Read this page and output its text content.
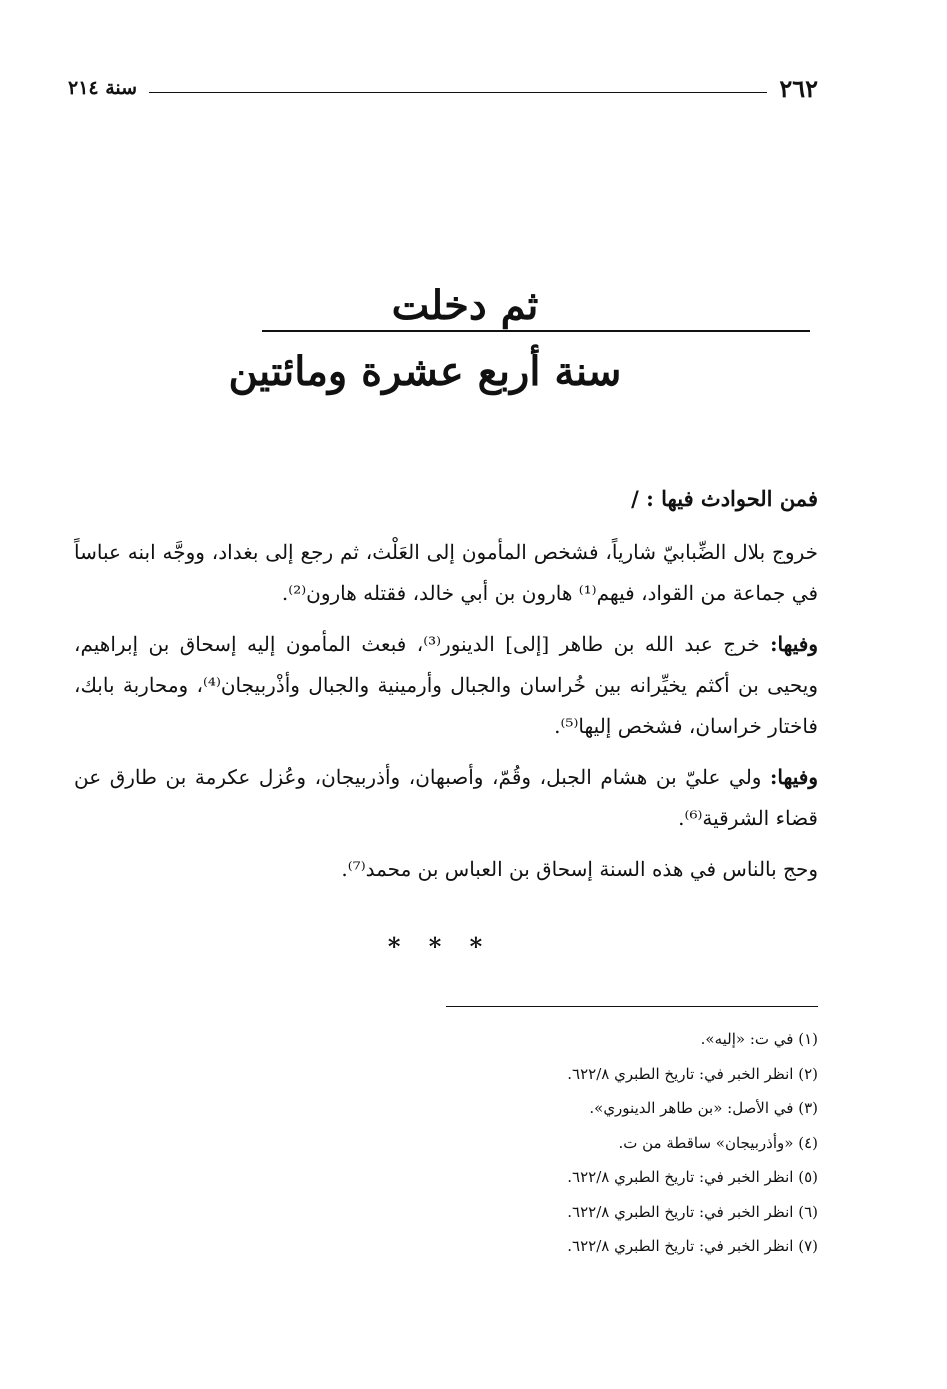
٢٦٢
سنة ٢١٤
ثم دخلت
سنة أربع عشرة ومائتين

فمن الحوادث فيها : /

خروج بلال الضِّبابيّ شارياً، فشخص المأمون إلى العَلْث، ثم رجع إلى بغداد، ووجَّه ابنه عباساً في جماعة من القواد، فيهم⁽¹⁾ هارون بن أبي خالد، فقتله هارون⁽²⁾.

وفيها: خرج عبد الله بن طاهر [إلى] الدينور⁽³⁾، فبعث المأمون إليه إسحاق بن إبراهيم، ويحيى بن أكثم يخيِّرانه بين خُراسان والجبال وأرمينية والجبال وأذْربيجان⁽⁴⁾، ومحاربة بابك، فاختار خراسان، فشخص إليها⁽⁵⁾.

وفيها: ولي عليّ بن هشام الجبل، وقُمّ، وأصبهان، وأذربيجان، وعُزل عكرمة بن طارق عن قضاء الشرقية⁽⁶⁾.

وحج بالناس في هذه السنة إسحاق بن العباس بن محمد⁽⁷⁾.

* * *
(١) في ت: «إليه».
(٢) انظر الخبر في: تاريخ الطبري ٦٢٢/٨.
(٣) في الأصل: «بن طاهر الدينوري».
(٤) «وأذربيجان» ساقطة من ت.
(٥) انظر الخبر في: تاريخ الطبري ٦٢٢/٨.
(٦) انظر الخبر في: تاريخ الطبري ٦٢٢/٨.
(٧) انظر الخبر في: تاريخ الطبري ٦٢٢/٨.
